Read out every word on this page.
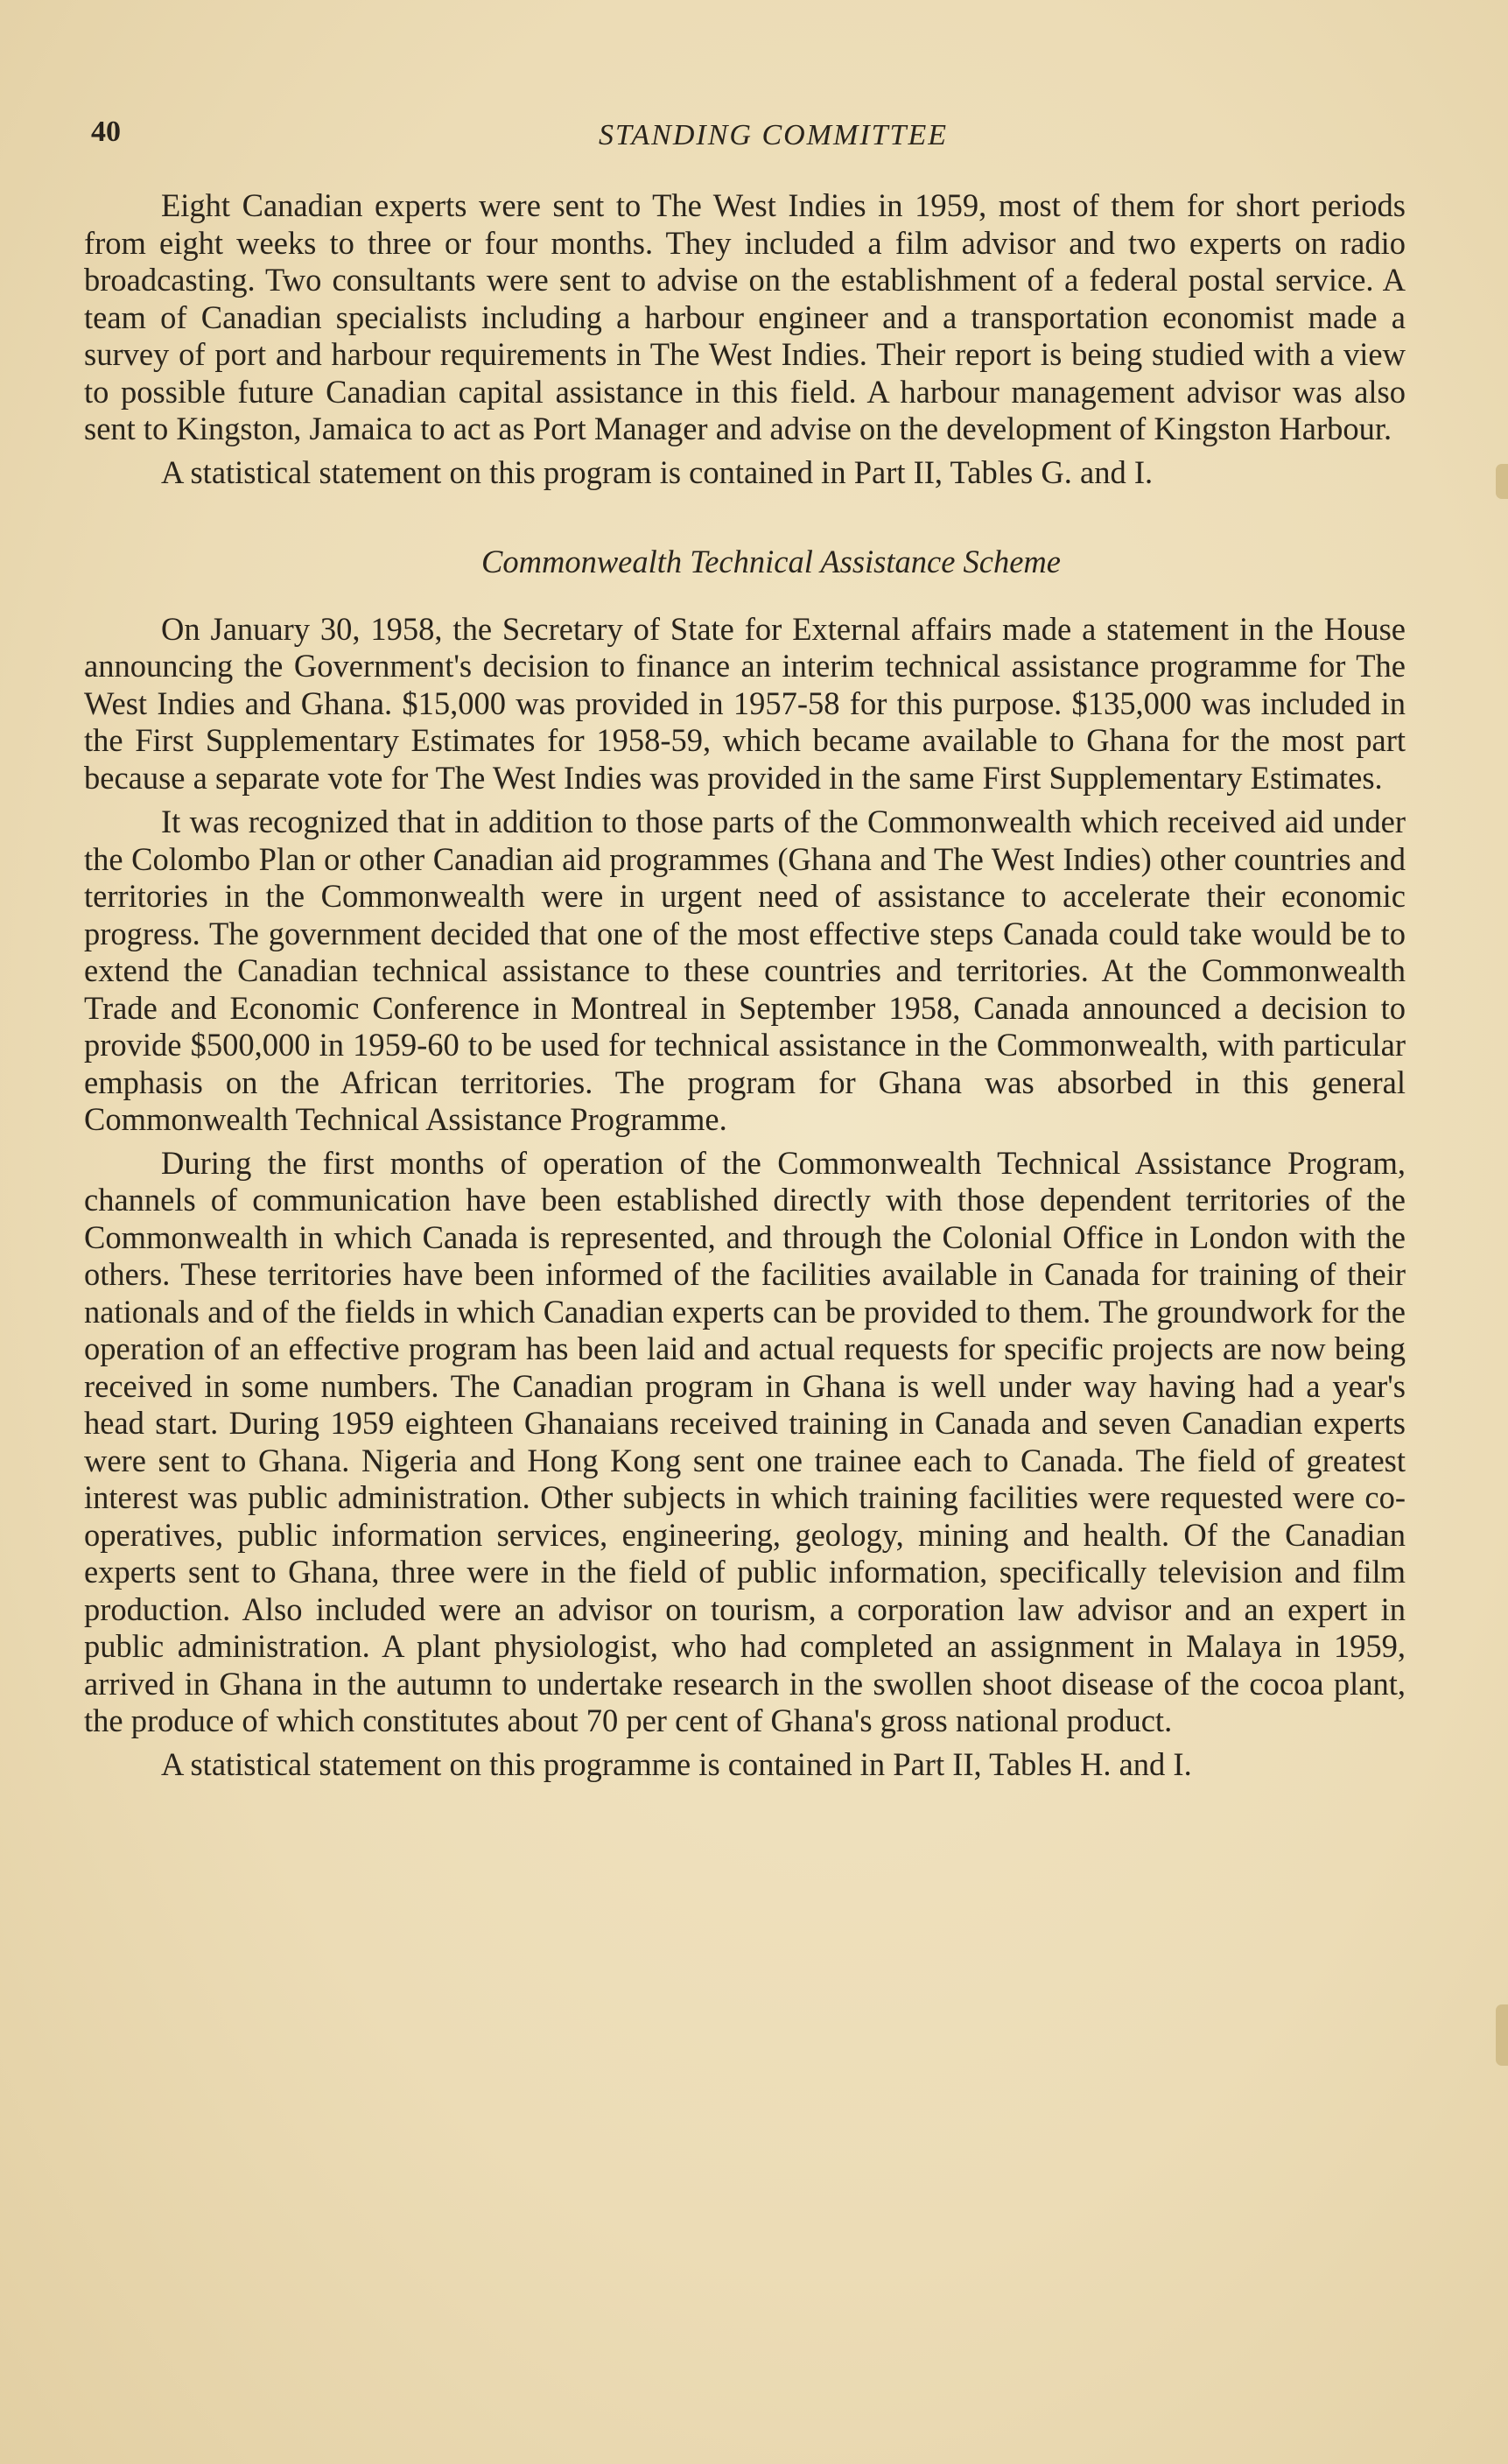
40	STANDING COMMITTEE

Eight Canadian experts were sent to The West Indies in 1959, most of them for short periods from eight weeks to three or four months. They included a film advisor and two experts on radio broadcasting. Two consultants were sent to advise on the establishment of a federal postal service. A team of Canadian specialists including a harbour engineer and a transportation economist made a survey of port and harbour requirements in The West Indies. Their report is being studied with a view to possible future Canadian capital assistance in this field. A harbour management advisor was also sent to Kingston, Jamaica to act as Port Manager and advise on the development of Kingston Harbour.

A statistical statement on this program is contained in Part II, Tables G. and I.

Commonwealth Technical Assistance Scheme

On January 30, 1958, the Secretary of State for External affairs made a statement in the House announcing the Government's decision to finance an interim technical assistance programme for The West Indies and Ghana. $15,000 was provided in 1957-58 for this purpose. $135,000 was included in the First Supplementary Estimates for 1958-59, which became available to Ghana for the most part because a separate vote for The West Indies was provided in the same First Supplementary Estimates.

It was recognized that in addition to those parts of the Commonwealth which received aid under the Colombo Plan or other Canadian aid programmes (Ghana and The West Indies) other countries and territories in the Commonwealth were in urgent need of assistance to accelerate their economic progress. The government decided that one of the most effective steps Canada could take would be to extend the Canadian technical assistance to these countries and territories. At the Commonwealth Trade and Economic Conference in Montreal in September 1958, Canada announced a decision to provide $500,000 in 1959-60 to be used for technical assistance in the Commonwealth, with particular emphasis on the African territories. The program for Ghana was absorbed in this general Commonwealth Technical Assistance Programme.

During the first months of operation of the Commonwealth Technical Assistance Program, channels of communication have been established directly with those dependent territories of the Commonwealth in which Canada is represented, and through the Colonial Office in London with the others. These territories have been informed of the facilities available in Canada for training of their nationals and of the fields in which Canadian experts can be provided to them. The groundwork for the operation of an effective program has been laid and actual requests for specific projects are now being received in some numbers. The Canadian program in Ghana is well under way having had a year's head start. During 1959 eighteen Ghanaians received training in Canada and seven Canadian experts were sent to Ghana. Nigeria and Hong Kong sent one trainee each to Canada. The field of greatest interest was public administration. Other subjects in which training facilities were requested were co-operatives, public information services, engineering, geology, mining and health. Of the Canadian experts sent to Ghana, three were in the field of public information, specifically television and film production. Also included were an advisor on tourism, a corporation law advisor and an expert in public administration. A plant physiologist, who had completed an assignment in Malaya in 1959, arrived in Ghana in the autumn to undertake research in the swollen shoot disease of the cocoa plant, the produce of which constitutes about 70 per cent of Ghana's gross national product.

A statistical statement on this programme is contained in Part II, Tables H. and I.
